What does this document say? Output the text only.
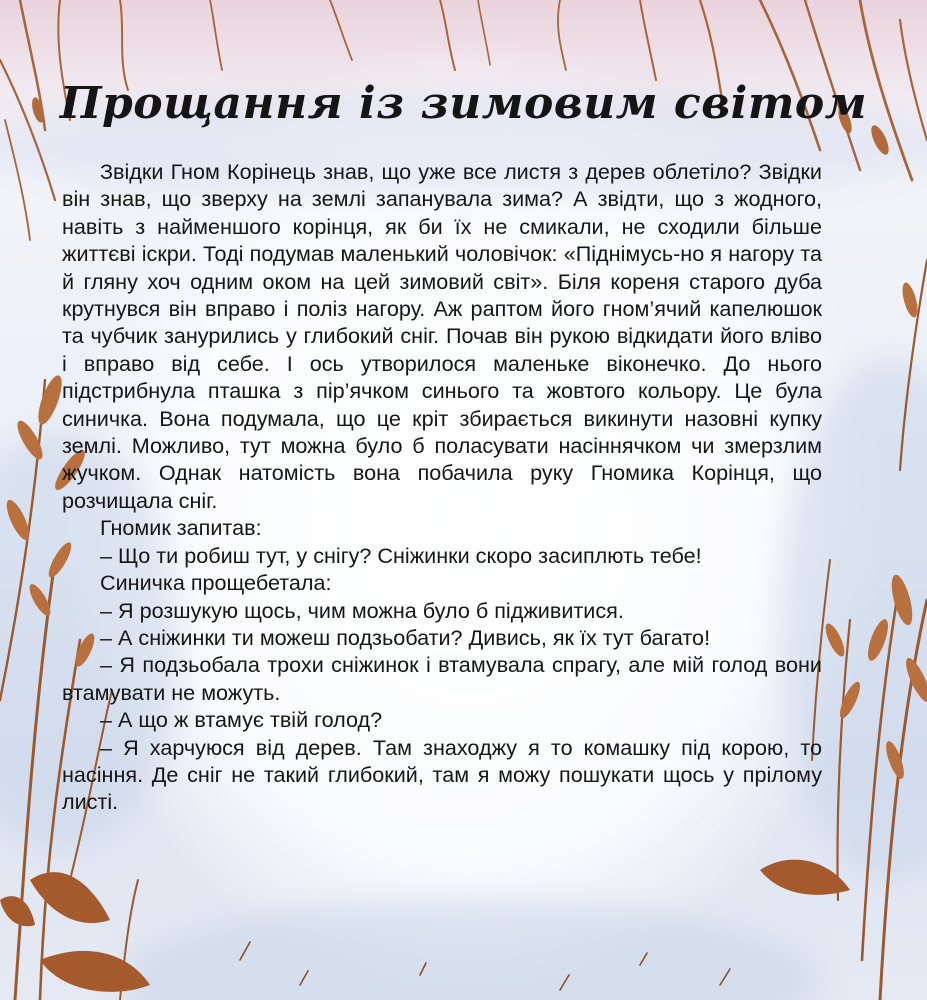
Прощання із зимовим світом

Звідки Гном Корінець знав, що уже все листя з дерев облетіло? Звідки він знав, що зверху на землі запанувала зима? А звідти, що з жодного, навіть з найменшого корінця, як би їх не смикали, не сходили більше життєві іскри. Тоді подумав маленький чоловічок: «Піднімусь-но я нагору та й гляну хоч одним оком на цей зимовий світ». Біля кореня старого дуба крутнувся він вправо і поліз нагору. Аж раптом його гном’ячий капелюшок та чубчик занурились у глибокий сніг. Почав він рукою відкидати його вліво і вправо від себе. І ось утворилося маленьке віконечко. До нього підстрибнула пташка з пір’ячком синього та жовтого кольору. Це була синичка. Вона подумала, що це кріт збирається викинути назовні купку землі. Можливо, тут можна було б поласувати насіннячком чи змерзлим жучком. Однак натомість вона побачила руку Гномика Корінця, що розчищала сніг.

Гномик запитав:

– Що ти робиш тут, у снігу? Сніжинки скоро засиплють тебе!

Синичка прощебетала:

– Я розшукую щось, чим можна було б підживитися.

– А сніжинки ти можеш подзьобати? Дивись, як їх тут багато!

– Я подзьобала трохи сніжинок і втамувала спрагу, але мій голод вони втамувати не можуть.

– А що ж втамує твій голод?

– Я харчуюся від дерев. Там знаходжу я то комашку під корою, то насіння. Де сніг не такий глибокий, там я можу пошукати щось у прілому листі.
